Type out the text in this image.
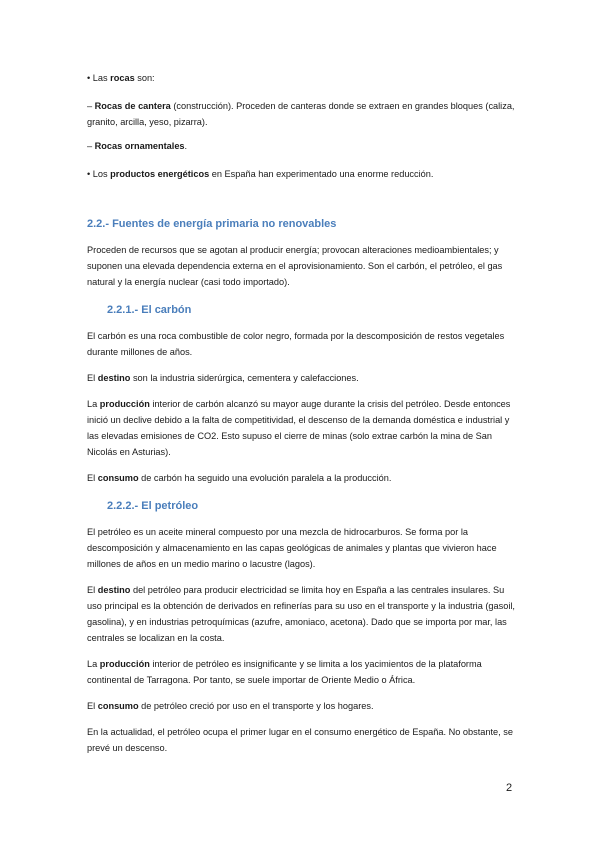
• Las rocas son:

– Rocas de cantera (construcción). Proceden de canteras donde se extraen en grandes bloques (caliza, granito, arcilla, yeso, pizarra).

– Rocas ornamentales.

• Los productos energéticos en España han experimentado una enorme reducción.

2.2.- Fuentes de energía primaria no renovables

Proceden de recursos que se agotan al producir energía; provocan alteraciones medioambientales; y suponen una elevada dependencia externa en el aprovisionamiento. Son el carbón, el petróleo, el gas natural y la energía nuclear (casi todo importado).

2.2.1.- El carbón

El carbón es una roca combustible de color negro, formada por la descomposición de restos vegetales durante millones de años.

El destino son la industria siderúrgica, cementera y calefacciones.

La producción interior de carbón alcanzó su mayor auge durante la crisis del petróleo. Desde entonces inició un declive debido a la falta de competitividad, el descenso de la demanda doméstica e industrial y las elevadas emisiones de CO2. Esto supuso el cierre de minas (solo extrae carbón la mina de San Nicolás en Asturias).

El consumo de carbón ha seguido una evolución paralela a la producción.

2.2.2.- El petróleo

El petróleo es un aceite mineral compuesto por una mezcla de hidrocarburos. Se forma por la descomposición y almacenamiento en las capas geológicas de animales y plantas que vivieron hace millones de años en un medio marino o lacustre (lagos).

El destino del petróleo para producir electricidad se limita hoy en España a las centrales insulares. Su uso principal es la obtención de derivados en refinerías para su uso en el transporte y la industria (gasoil, gasolina), y en industrias petroquímicas (azufre, amoniaco, acetona). Dado que se importa por mar, las centrales se localizan en la costa.

La producción interior de petróleo es insignificante y se limita a los yacimientos de la plataforma continental de Tarragona. Por tanto, se suele importar de Oriente Medio o África.

El consumo de petróleo creció por uso en el transporte y los hogares.

En la actualidad, el petróleo ocupa el primer lugar en el consumo energético de España. No obstante, se prevé un descenso.

2
